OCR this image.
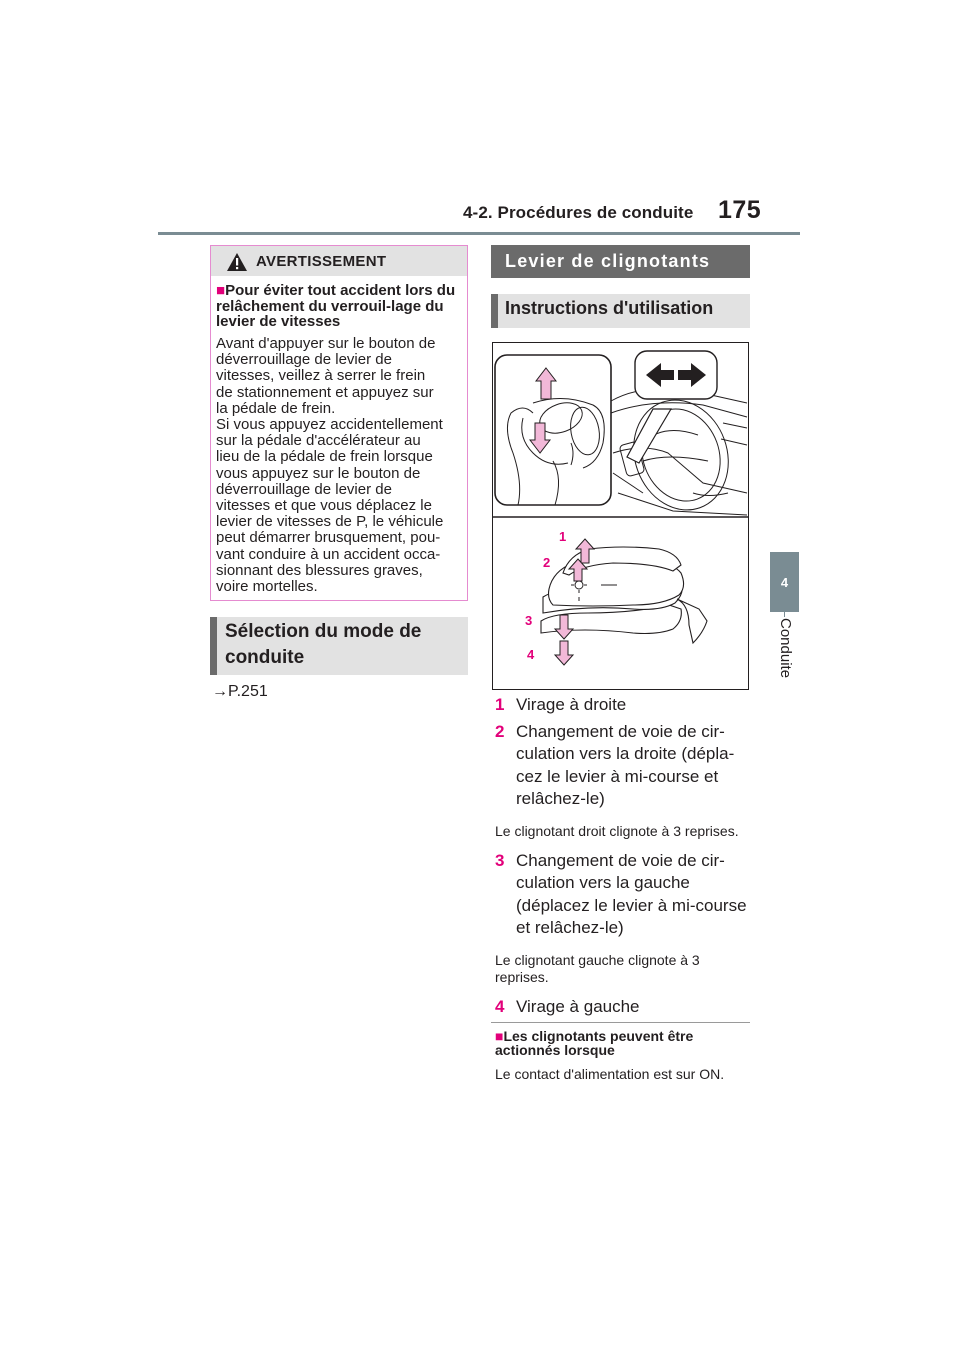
4-2. Procédures de conduite 175
4
Conduite
AVERTISSEMENT
■Pour éviter tout accident lors du relâchement du verrouil-lage du levier de vitesses
Avant d'appuyer sur le bouton de
déverrouillage de levier de
vitesses, veillez à serrer le frein
de stationnement et appuyez sur
la pédale de frein.
Si vous appuyez accidentellement
sur la pédale d'accélérateur au
lieu de la pédale de frein lorsque
vous appuyez sur le bouton de
déverrouillage de levier de
vitesses et que vous déplacez le
levier de vitesses de P, le véhicule
peut démarrer brusquement, pou-
vant conduire à un accident occa-
sionnant des blessures graves,
voire mortelles.
Sélection du mode de conduite
→P.251
Levier de clignotants
Instructions d'utilisation
1
2
3
4

1 Virage à droite

2 Changement de voie de cir-culation vers la droite (dépla-cez le levier à mi-course et relâchez-le)

Le clignotant droit clignote à 3 reprises.

3 Changement de voie de cir-culation vers la gauche (déplacez le levier à mi-course et relâchez-le)

Le clignotant gauche clignote à 3 reprises.

4 Virage à gauche

■Les clignotants peuvent être actionnés lorsque
Le contact d'alimentation est sur ON.
